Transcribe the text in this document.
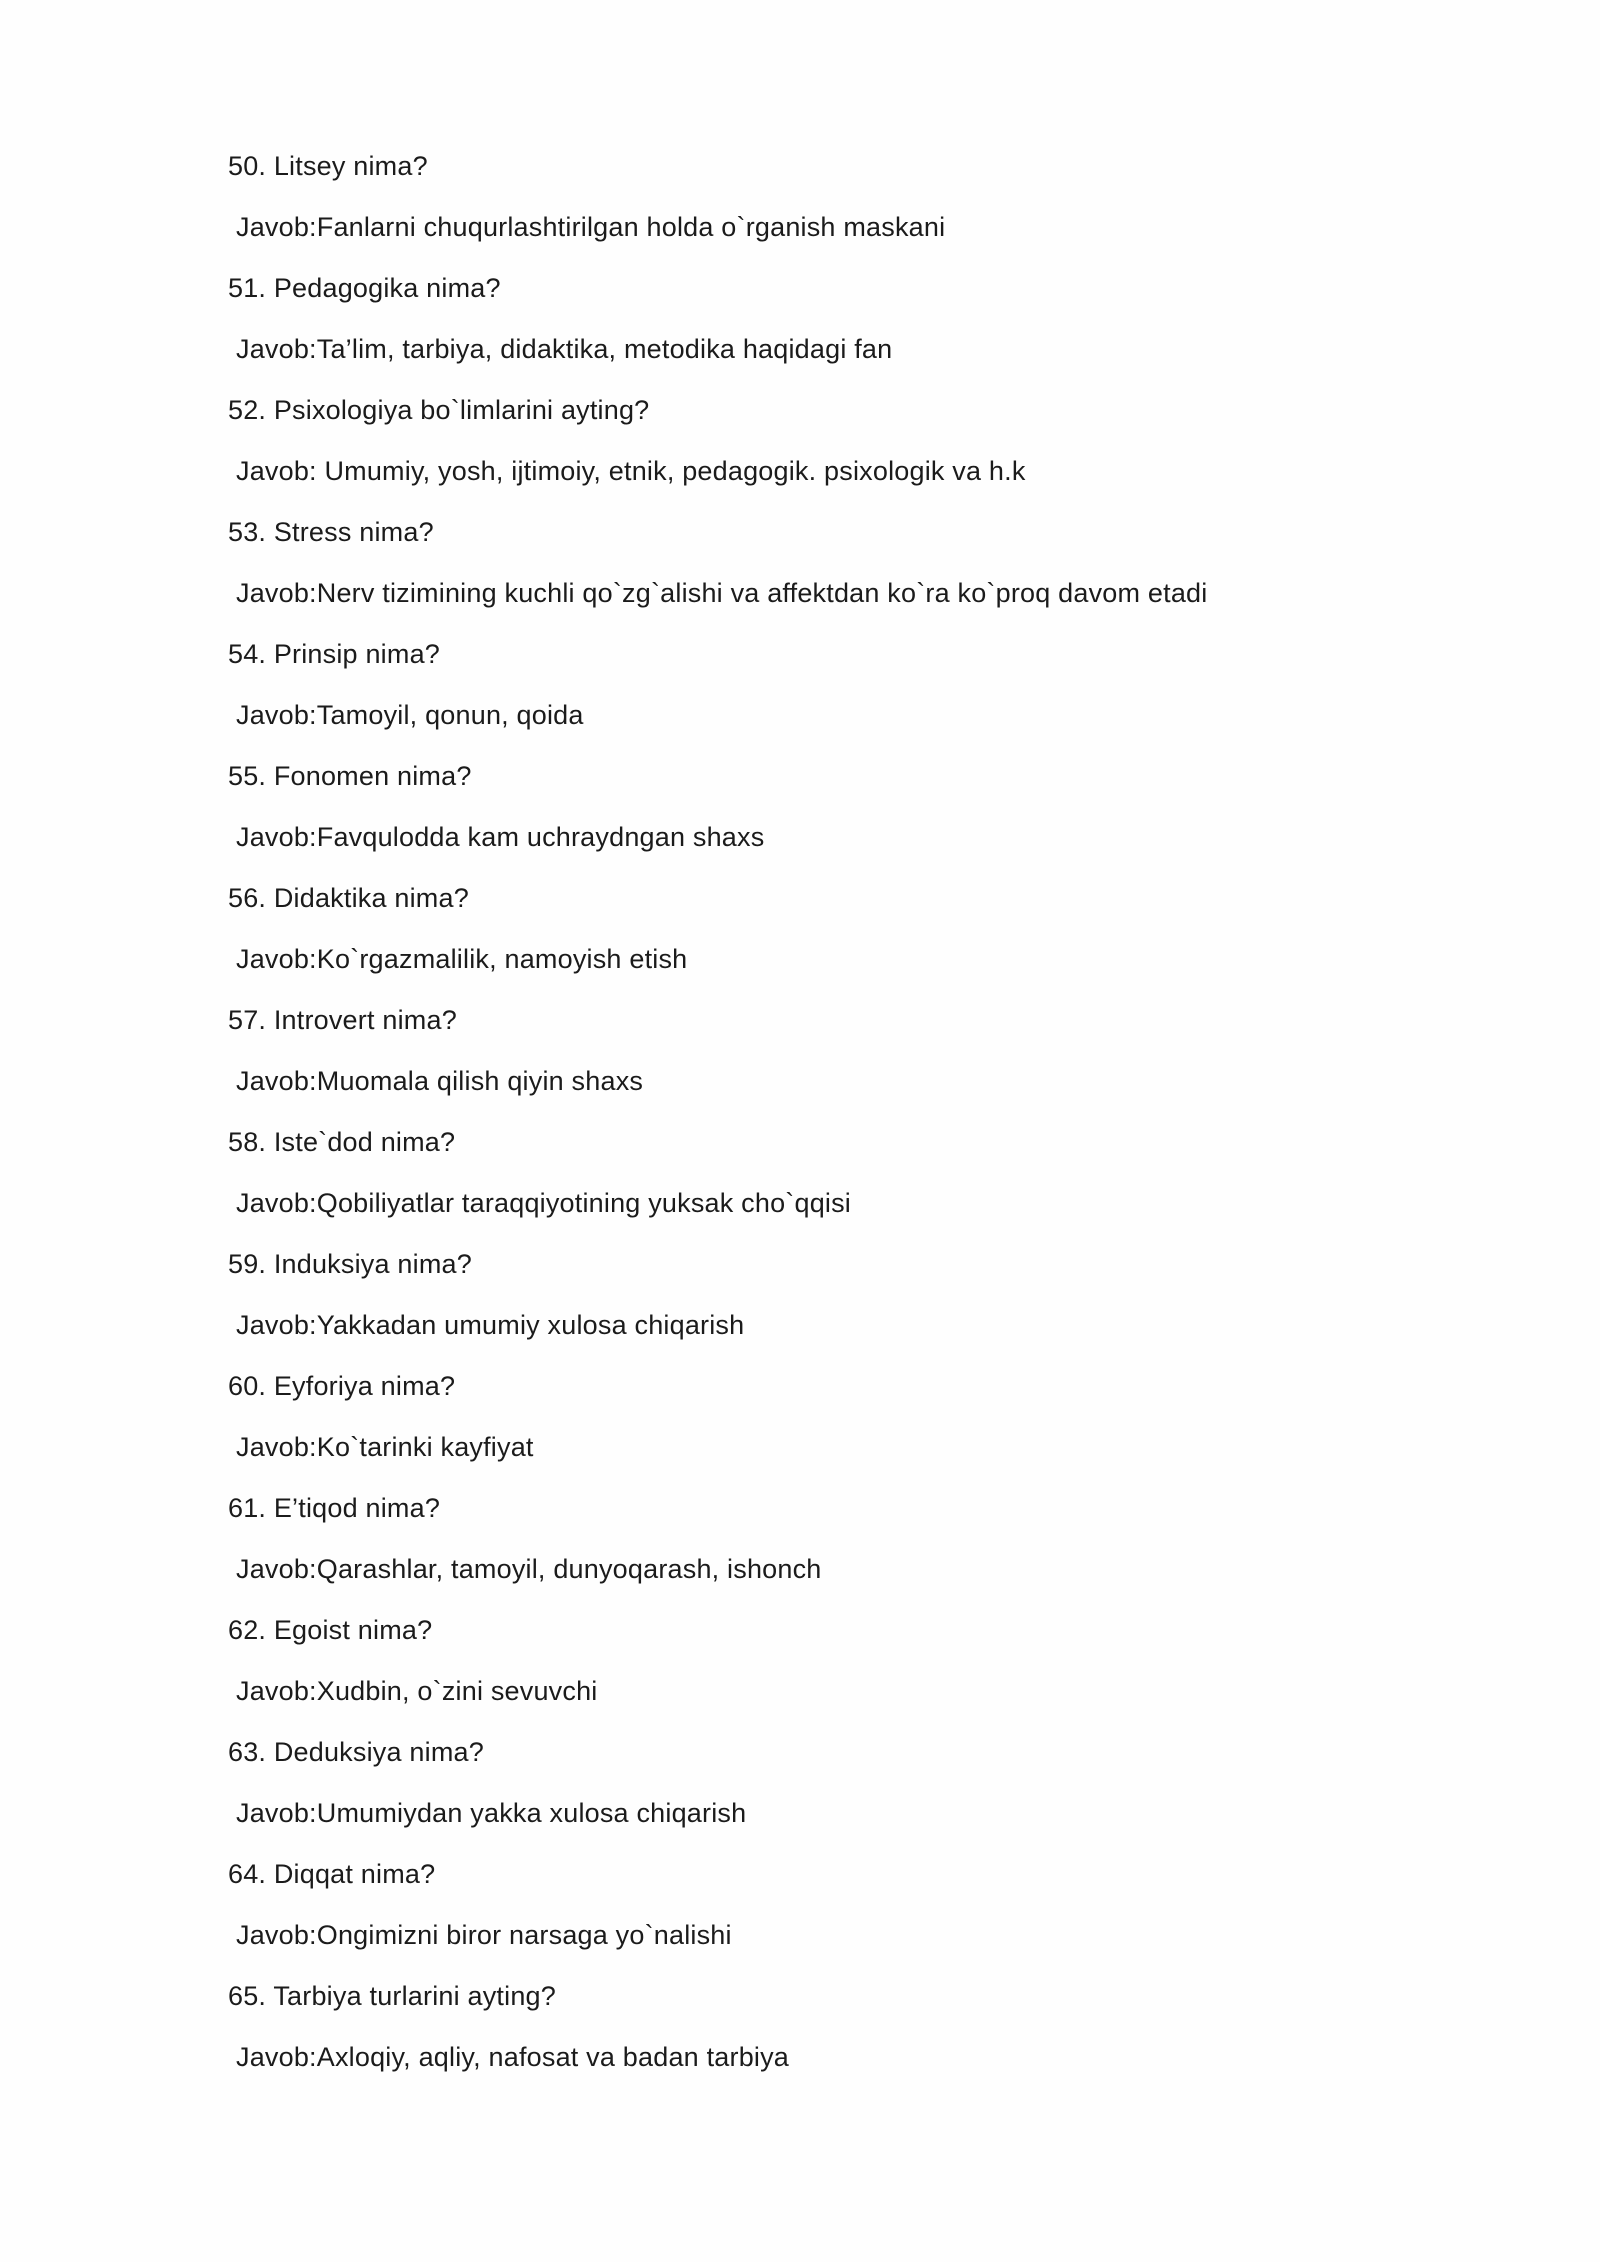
50. Litsey nima?

Javob:Fanlarni chuqurlashtirilgan holda o`rganish maskani

51. Pedagogika nima?

Javob:Ta’lim, tarbiya, didaktika, metodika haqidagi fan

52. Psixologiya bo`limlarini ayting?

Javob: Umumiy, yosh, ijtimoiy, etnik, pedagogik. psixologik va h.k

53. Stress nima?

Javob:Nerv tizimining kuchli qo`zg`alishi va affektdan ko`ra ko`proq davom etadi

54. Prinsip nima?

Javob:Tamoyil, qonun, qoida

55. Fonomen nima?

Javob:Favqulodda kam uchraydngan shaxs

56. Didaktika nima?

Javob:Ko`rgazmalilik, namoyish etish

57. Introvert nima?

Javob:Muomala qilish qiyin shaxs

58. Iste`dod nima?

Javob:Qobiliyatlar taraqqiyotining yuksak cho`qqisi

59. Induksiya nima?

Javob:Yakkadan umumiy xulosa chiqarish

60. Eyforiya nima?

Javob:Ko`tarinki kayfiyat

61. E’tiqod nima?

Javob:Qarashlar, tamoyil, dunyoqarash, ishonch

62. Egoist nima?

Javob:Xudbin, o`zini sevuvchi

63. Deduksiya nima?

Javob:Umumiydan yakka xulosa chiqarish

64. Diqqat nima?

Javob:Ongimizni biror narsaga yo`nalishi

65. Tarbiya turlarini ayting?

Javob:Axloqiy, aqliy, nafosat va badan tarbiya
